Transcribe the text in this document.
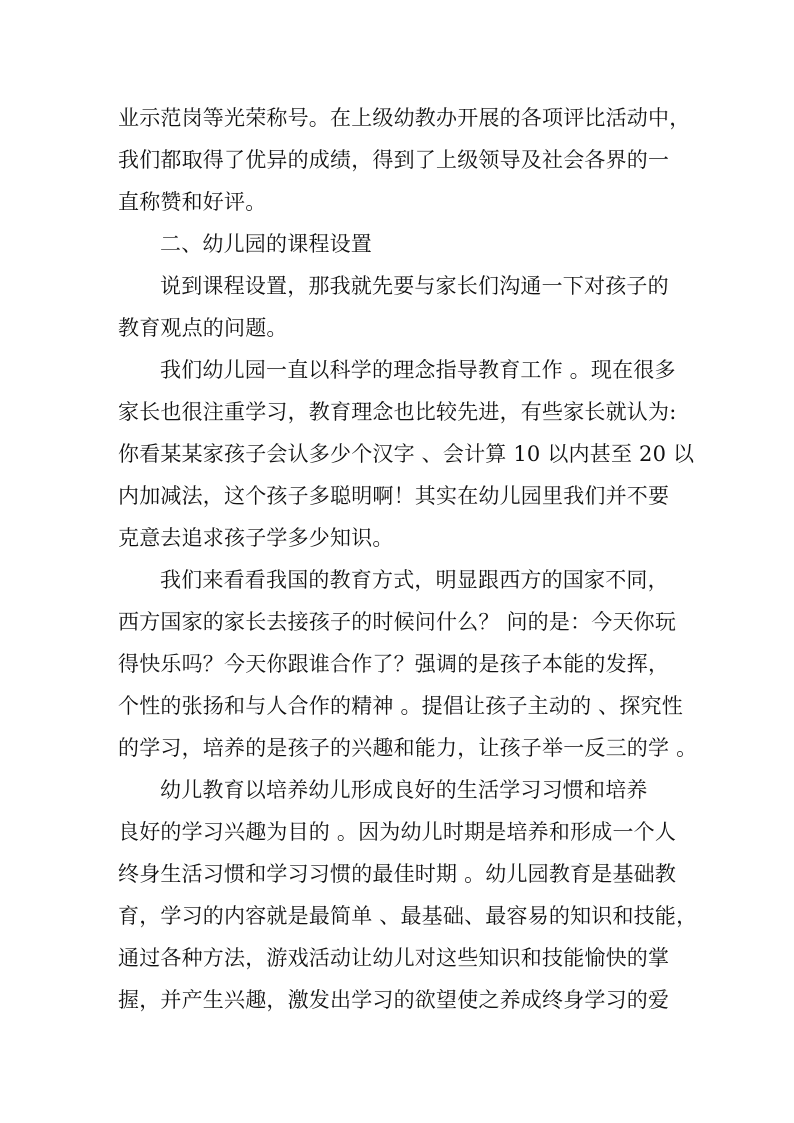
业示范岗等光荣称号。在上级幼教办开展的各项评比活动中，

我们都取得了优异的成绩，得到了上级领导及社会各界的一

直称赞和好评。

二、幼儿园的课程设置

说到课程设置，那我就先要与家长们沟通一下对孩子的

教育观点的问题。

我们幼儿园一直以科学的理念指导教育工作 。现在很多

家长也很注重学习，教育理念也比较先进，有些家长就认为:

你看某某家孩子会认多少个汉字 、会计算 10 以内甚至 20 以

内加减法，这个孩子多聪明啊！其实在幼儿园里我们并不要

克意去追求孩子学多少知识。

我们来看看我国的教育方式，明显跟西方的国家不同，

西方国家的家长去接孩子的时候问什么？ 问的是：今天你玩

得快乐吗？今天你跟谁合作了？强调的是孩子本能的发挥，

个性的张扬和与人合作的精神 。提倡让孩子主动的 、探究性

的学习，培养的是孩子的兴趣和能力，让孩子举一反三的学 。

幼儿教育以培养幼儿形成良好的生活学习习惯和培养

良好的学习兴趣为目的 。因为幼儿时期是培养和形成一个人

终身生活习惯和学习习惯的最佳时期 。幼儿园教育是基础教

育，学习的内容就是最简单 、最基础、最容易的知识和技能，

通过各种方法，游戏活动让幼儿对这些知识和技能愉快的掌

握，并产生兴趣，激发出学习的欲望使之养成终身学习的爱
